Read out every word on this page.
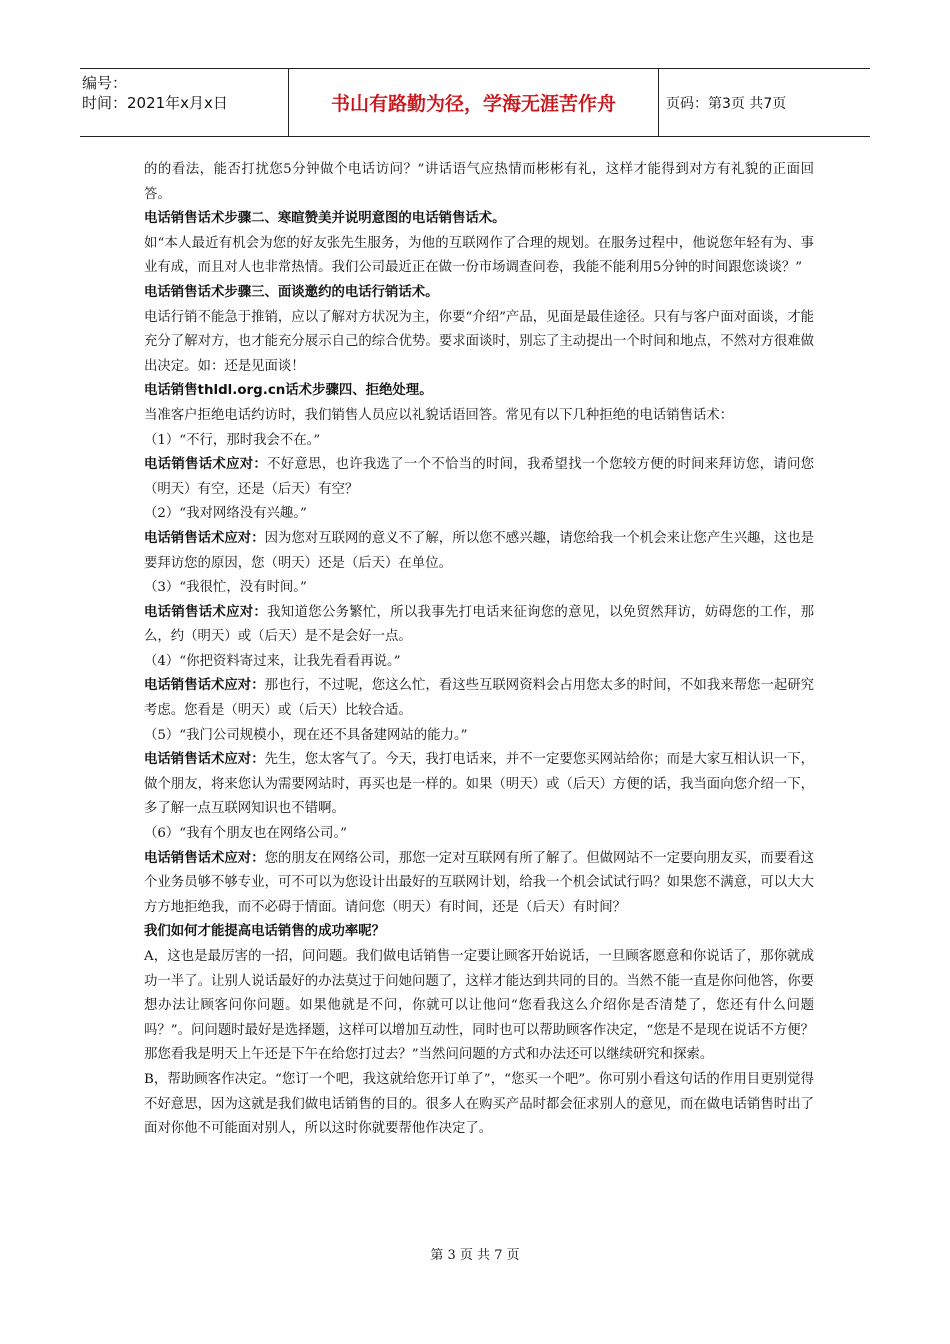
编号：
时间：2021年x月x日	书山有路勤为径，学海无涯苦作舟	页码：第3页 共7页

的的看法，能否打扰您5分钟做个电话访问？”讲话语气应热情而彬彬有礼，这样才能得到对方有礼貌的正面回答。

电话销售话术步骤二、寒暄赞美并说明意图的电话销售话术。

如“本人最近有机会为您的好友张先生服务，为他的互联网作了合理的规划。在服务过程中，他说您年轻有为、事业有成，而且对人也非常热情。我们公司最近正在做一份市场调查问卷，我能不能利用5分钟的时间跟您谈谈？”

电话销售话术步骤三、面谈邀约的电话行销话术。

电话行销不能急于推销，应以了解对方状况为主，你要“介绍”产品，见面是最佳途径。只有与客户面对面谈，才能充分了解对方，也才能充分展示自己的综合优势。要求面谈时，别忘了主动提出一个时间和地点，不然对方很难做出决定。如：还是见面谈！

电话销售thldl.org.cn话术步骤四、拒绝处理。

当准客户拒绝电话约访时，我们销售人员应以礼貌话语回答。常见有以下几种拒绝的电话销售话术：

（1）“不行，那时我会不在。”

电话销售话术应对：不好意思，也许我选了一个不恰当的时间，我希望找一个您较方便的时间来拜访您，请问您（明天）有空，还是（后天）有空？

（2）“我对网络没有兴趣。”

电话销售话术应对：因为您对互联网的意义不了解，所以您不感兴趣，请您给我一个机会来让您产生兴趣，这也是要拜访您的原因，您（明天）还是（后天）在单位。

（3）“我很忙，没有时间。”

电话销售话术应对：我知道您公务繁忙，所以我事先打电话来征询您的意见，以免贸然拜访，妨碍您的工作，那么，约（明天）或（后天）是不是会好一点。

（4）“你把资料寄过来，让我先看看再说。”

电话销售话术应对：那也行，不过呢，您这么忙，看这些互联网资料会占用您太多的时间，不如我来帮您一起研究考虑。您看是（明天）或（后天）比较合适。

（5）“我门公司规模小，现在还不具备建网站的能力。”

电话销售话术应对：先生，您太客气了。今天，我打电话来，并不一定要您买网站给你；而是大家互相认识一下，做个朋友，将来您认为需要网站时，再买也是一样的。如果（明天）或（后天）方便的话，我当面向您介绍一下，多了解一点互联网知识也不错啊。

（6）“我有个朋友也在网络公司。”

电话销售话术应对：您的朋友在网络公司，那您一定对互联网有所了解了。但做网站不一定要向朋友买，而要看这个业务员够不够专业，可不可以为您设计出最好的互联网计划，给我一个机会试试行吗？如果您不满意，可以大大方方地拒绝我，而不必碍于情面。请问您（明天）有时间，还是（后天）有时间？

我们如何才能提高电话销售的成功率呢？

A，这也是最厉害的一招，问问题。我们做电话销售一定要让顾客开始说话，一旦顾客愿意和你说话了，那你就成功一半了。让别人说话最好的办法莫过于问她问题了，这样才能达到共同的目的。当然不能一直是你问他答，你要想办法让顾客问你问题。如果他就是不问，你就可以让他问“您看我这么介绍你是否清楚了，您还有什么问题吗？”。问问题时最好是选择题，这样可以增加互动性，同时也可以帮助顾客作决定，“您是不是现在说话不方便？那您看我是明天上午还是下午在给您打过去？”当然问问题的方式和办法还可以继续研究和探索。

B，帮助顾客作决定。“您订一个吧，我这就给您开订单了”，“您买一个吧”。你可别小看这句话的作用目更别觉得不好意思，因为这就是我们做电话销售的目的。很多人在购买产品时都会征求别人的意见，而在做电话销售时出了面对你他不可能面对别人，所以这时你就要帮他作决定了。

第 3 页 共 7 页
